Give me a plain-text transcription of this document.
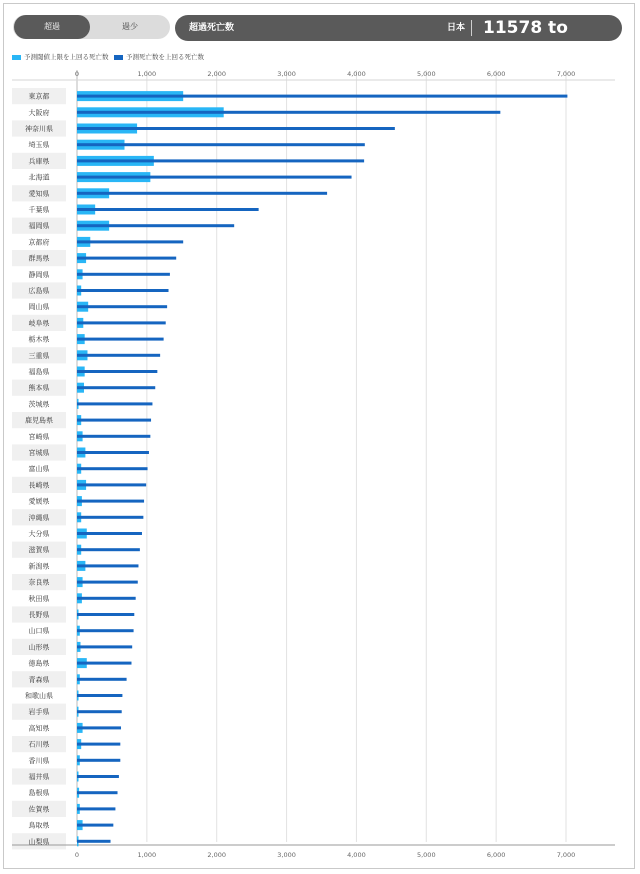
超過	過少	超過死亡数	日本 11578 to 73054
予測閾値上限を上回る死亡数	予測死亡数を上回る死亡数
0
0
1,000
1,000
2,000
2,000
3,000
3,000
4,000
4,000
5,000
5,000
6,000
6,000
7,000
7,000
東京都
大阪府
神奈川県
埼玉県
兵庫県
北海道
愛知県
千葉県
福岡県
京都府
群馬県
静岡県
広島県
岡山県
岐阜県
栃木県
三重県
福島県
熊本県
茨城県
鹿児島県
宮崎県
宮城県
富山県
長崎県
愛媛県
沖縄県
大分県
滋賀県
新潟県
奈良県
秋田県
長野県
山口県
山形県
徳島県
青森県
和歌山県
岩手県
高知県
石川県
香川県
福井県
島根県
佐賀県
鳥取県
山梨県
